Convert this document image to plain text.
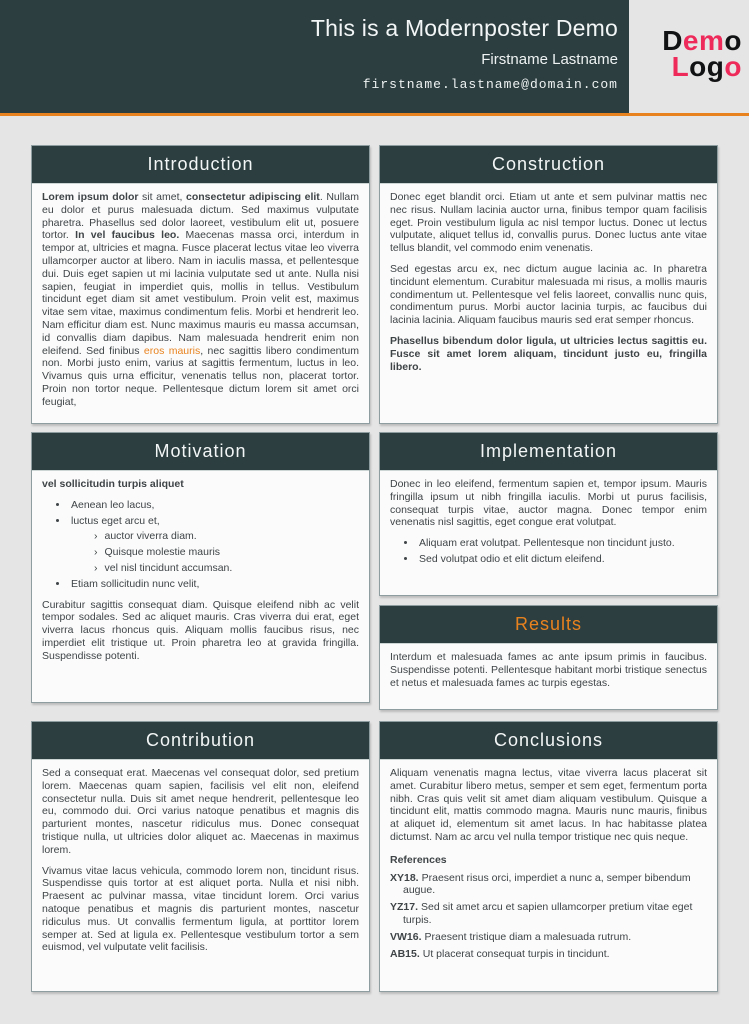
This is a Modernposter Demo
Firstname Lastname
firstname.lastname@domain.com
Demo
Logo
Introduction

Lorem ipsum dolor sit amet, consectetur adipiscing elit. Nullam eu dolor et purus malesuada dictum. Sed maximus vulputate pharetra. Phasellus sed dolor laoreet, vestibulum elit ut, posuere tortor. In vel faucibus leo. Maecenas massa orci, interdum in tempor at, ultricies et magna. Fusce placerat lectus vitae leo viverra ullamcorper auctor at libero. Nam in iaculis massa, et pellentesque dui. Duis eget sapien ut mi lacinia vulputate sed ut ante. Nulla nisi sapien, feugiat in imperdiet quis, mollis in tellus. Vestibulum tincidunt eget diam sit amet vestibulum. Proin velit est, maximus vitae sem vitae, maximus condimentum felis. Morbi et hendrerit leo. Nam efficitur diam est. Nunc maximus mauris eu massa accumsan, id convallis diam dapibus. Nam malesuada hendrerit enim non eleifend. Sed finibus eros mauris, nec sagittis libero condimentum non. Morbi justo enim, varius at sagittis fermentum, luctus in leo. Vivamus quis urna efficitur, venenatis tellus non, placerat tortor. Proin non tortor neque. Pellentesque dictum lorem sit amet orci feugiat,

Motivation

vel sollicitudin turpis aliquet

• Aenean leo lacus,
• luctus eget arcu et,
› auctor viverra diam.
› Quisque molestie mauris
› vel nisl tincidunt accumsan.
• Etiam sollicitudin nunc velit,

Curabitur sagittis consequat diam. Quisque eleifend nibh ac velit tempor sodales. Sed ac aliquet mauris. Cras viverra dui erat, eget viverra lacus rhoncus quis. Aliquam mollis faucibus risus, nec imperdiet elit tristique ut. Proin pharetra leo at gravida fringilla. Suspendisse potenti.

Contribution

Sed a consequat erat. Maecenas vel consequat dolor, sed pretium lorem. Maecenas quam sapien, facilisis vel elit non, eleifend consectetur nulla. Duis sit amet neque hendrerit, pellentesque leo eu, commodo dui. Orci varius natoque penatibus et magnis dis parturient montes, nascetur ridiculus mus. Donec consequat tristique nulla, ut ultricies dolor aliquet ac. Maecenas in maximus lorem.

Vivamus vitae lacus vehicula, commodo lorem non, tincidunt risus. Suspendisse quis tortor at est aliquet porta. Nulla et nisi nibh. Praesent ac pulvinar massa, vitae tincidunt lorem. Orci varius natoque penatibus et magnis dis parturient montes, nascetur ridiculus mus. Ut convallis fermentum ligula, at porttitor lorem semper at. Sed at ligula ex. Pellentesque vestibulum tortor a sem euismod, vel vulputate velit facilisis.

Construction

Donec eget blandit orci. Etiam ut ante et sem pulvinar mattis nec nec risus. Nullam lacinia auctor urna, finibus tempor quam facilisis eget. Proin vestibulum ligula ac nisl tempor luctus. Donec ut lectus vulputate, aliquet tellus id, convallis purus. Donec luctus ante vitae tellus blandit, vel commodo enim venenatis.

Sed egestas arcu ex, nec dictum augue lacinia ac. In pharetra tincidunt elementum. Curabitur malesuada mi risus, a mollis mauris condimentum ut. Pellentesque vel felis laoreet, convallis nunc quis, condimentum purus. Morbi auctor lacinia turpis, ac faucibus dui lacinia lacinia. Aliquam faucibus mauris sed erat semper rhoncus.

Phasellus bibendum dolor ligula, ut ultricies lectus sagittis eu. Fusce sit amet lorem aliquam, tincidunt justo eu, fringilla libero.

Implementation

Donec in leo eleifend, fermentum sapien et, tempor ipsum. Mauris fringilla ipsum ut nibh fringilla iaculis. Morbi ut purus facilisis, consequat turpis vitae, auctor magna. Donec tempor enim venenatis nisl sagittis, eget congue erat volutpat.

• Aliquam erat volutpat. Pellentesque non tincidunt justo.
• Sed volutpat odio et elit dictum eleifend.
Results

Interdum et malesuada fames ac ante ipsum primis in faucibus. Suspendisse potenti. Pellentesque habitant morbi tristique senectus et netus et malesuada fames ac turpis egestas.

Conclusions

Aliquam venenatis magna lectus, vitae viverra lacus placerat sit amet. Curabitur libero metus, semper et sem eget, fermentum porta nibh. Cras quis velit sit amet diam aliquam vestibulum. Quisque a tincidunt elit, mattis commodo magna. Mauris nunc mauris, finibus at aliquet id, elementum sit amet lacus. In hac habitasse platea dictumst. Nam ac arcu vel nulla tempor tristique nec quis neque.

References

XY18. Praesent risus orci, imperdiet a nunc a, semper bibendum augue.

YZ17. Sed sit amet arcu et sapien ullamcorper pretium vitae eget turpis.

VW16. Praesent tristique diam a malesuada rutrum.

AB15. Ut placerat consequat turpis in tincidunt.
